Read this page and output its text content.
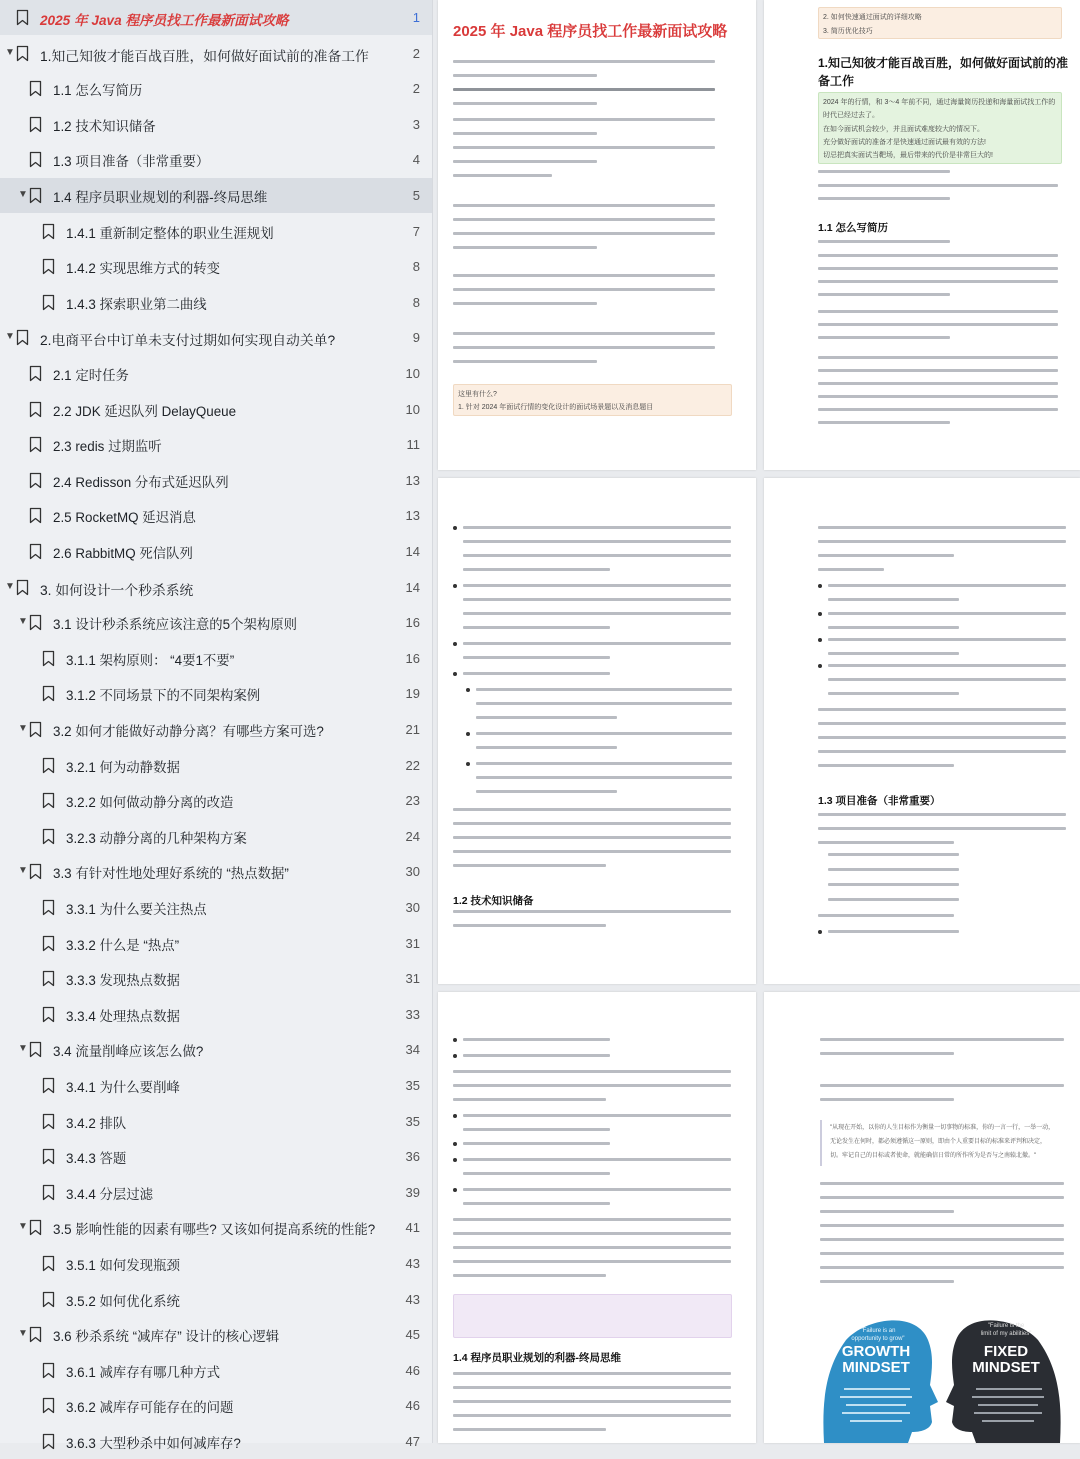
2025 年 Java 程序员找工作最新面试攻略	1
▼ 1.知己知彼才能百战百胜，如何做好面试前的准备工作	2
1.1 怎么写简历	2
1.2 技术知识储备	3
1.3 项目准备（非常重要）	4
▼ 1.4 程序员职业规划的利器-终局思维	5
1.4.1 重新制定整体的职业生涯规划	7
1.4.2 实现思维方式的转变	8
1.4.3 探索职业第二曲线	8
▼ 2.电商平台中订单未支付过期如何实现自动关单?	9
2.1 定时任务	10
2.2 JDK 延迟队列 DelayQueue	10
2.3 redis 过期监听	11
2.4 Redisson 分布式延迟队列	13
2.5 RocketMQ 延迟消息	13
2.6 RabbitMQ 死信队列	14
▼ 3. 如何设计一个秒杀系统	14
▼ 3.1 设计秒杀系统应该注意的5个架构原则	16
3.1.1 架构原则： “4要1不要”	16
3.1.2 不同场景下的不同架构案例	19
▼ 3.2 如何才能做好动静分离？有哪些方案可选?	21
3.2.1 何为动静数据	22
3.2.2 如何做动静分离的改造	23
3.2.3 动静分离的几种架构方案	24
▼ 3.3 有针对性地处理好系统的 “热点数据”	30
3.3.1 为什么要关注热点	30
3.3.2 什么是 “热点”	31
3.3.3 发现热点数据	31
3.3.4 处理热点数据	33
▼ 3.4 流量削峰应该怎么做?	34
3.4.1 为什么要削峰	35
3.4.2 排队	35
3.4.3 答题	36
3.4.4 分层过滤	39
▼ 3.5 影响性能的因素有哪些? 又该如何提高系统的性能?	41
3.5.1 如何发现瓶颈	43
3.5.2 如何优化系统	43
▼ 3.6 秒杀系统 “减库存” 设计的核心逻辑	45
3.6.1 减库存有哪几种方式	46
3.6.2 减库存可能存在的问题	46
3.6.3 大型秒杀中如何减库存?	47
2025 年 Java 程序员找工作最新面试攻略
这里有什么?
1. 针对 2024 年面试行情的变化设计的面试场景题以及消息题目
2. 如何快速通过面试的详细攻略
3. 简历优化技巧
1.知己知彼才能百战百胜，如何做好面试前的准备工作
2024 年的行情，和 3～4 年前不同，通过海量简历投递和海量面试找工作的时代已经过去了。
在如今面试机会较少，并且面试难度较大的情况下。
充分做好面试的准备才是快速通过面试最有效的方法!
切忌把真实面试当靶场，最后带来的代价是非常巨大的!
1.1 怎么写简历
1.2 技术知识储备
1.3 项目准备（非常重要）
1.4 程序员职业规划的利器-终局思维
"从现在开始，以你的人生目标作为衡量一切事物的标准，你的一言一行，一举一动，
无论发生在何时，都必须遵循这一原则，即由个人重要目标的标准来评判和决定，
切。牢记自己的目标或者使命，就能确信日常的所作所为是否与之南辕北撤。"
"Failure is an opportunity to grow"
GROWTH MINDSET
"Failure is the limit of my abilities"
FIXED MINDSET
